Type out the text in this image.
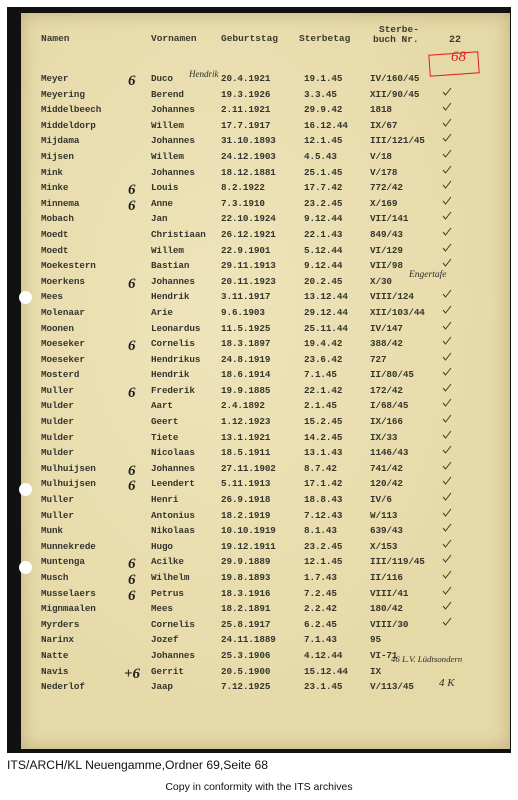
Namen	Vornamen	Geburtstag Sterbetag
Sterbe-
buch Nr.	22
68
Hendrik
Engertafe
46 L.V. Lüdtsondern
4 K
Meyer	Duco	20.4.1921	19.1.45	IV/160/45
6
Meyering	Berend	19.3.1926	3.3.45	XII/90/45
Middelbeech	Johannes	2.11.1921	29.9.42	1818
Middeldorp	Willem	17.7.1917	16.12.44 IX/67
Mijdama	Johannes	31.10.1893	12.1.45	III/121/45
Mijsen	Willem	24.12.1903	4.5.43	V/18
Mink	Johannes	18.12.1881	25.1.45	V/178
Minke	Louis	8.2.1922	17.7.42	772/42
6
Minnema	Anne	7.3.1910	23.2.45	X/169
6
Mobach	Jan	22.10.1924	9.12.44	VII/141
Moedt	Christiaan 26.12.1921	22.1.43	849/43
Moedt	Willem	22.9.1901	5.12.44	VI/129
Moekestern	Bastian	29.11.1913	9.12.44	VII/98
Moerkens	Johannes	20.11.1923	20.2.45	X/30
6
Mees	Hendrik	3.11.1917	13.12.44 VIII/124
Molenaar	Arie	9.6.1903	29.12.44 XII/103/44
Moonen	Leonardus 11.5.1925	25.11.44 IV/147
Moeseker	Cornelis	18.3.1897	19.4.42	388/42
6
Moeseker	Hendrikus 24.8.1919	23.6.42	727
Mosterd	Hendrik	18.6.1914	7.1.45	II/80/45
Muller	Frederik	19.9.1885	22.1.42	172/42
6
Mulder	Aart	2.4.1892	2.1.45	I/68/45
Mulder	Geert	1.12.1923	15.2.45	IX/166
Mulder	Tiete	13.1.1921	14.2.45	IX/33
Mulder	Nicolaas	18.5.1911	13.1.43	1146/43
Mulhuijsen	Johannes	27.11.1902	8.7.42	741/42
6
Mulhuijsen	Leendert	5.11.1913	17.1.42	120/42
6
Muller	Henri	26.9.1918	18.8.43	IV/6
Muller	Antonius	18.2.1919	7.12.43	W/113
Munk	Nikolaas	10.10.1919	8.1.43	639/43
Munnekrede	Hugo	19.12.1911	23.2.45	X/153
Muntenga	Acilke	29.9.1889	12.1.45	III/119/45
6
Musch	Wilhelm	19.8.1893	1.7.43	II/116
6
Musselaers	Petrus	18.3.1916	7.2.45	VIII/41
6
Mignmaalen	Mees	18.2.1891	2.2.42	180/42
Myrders	Cornelis	25.8.1917	6.2.45	VIII/30
Narinx	Jozef	24.11.1889	7.1.43	95
Natte	Johannes	25.3.1906	4.12.44	VI-71
Navis	Gerrit	20.5.1900	15.12.44 IX
+6
Nederlof	Jaap	7.12.1925	23.1.45	V/113/45
ITS/ARCH/KL Neuengamme,Ordner 69,Seite 68
Copy in conformity with the ITS archives
